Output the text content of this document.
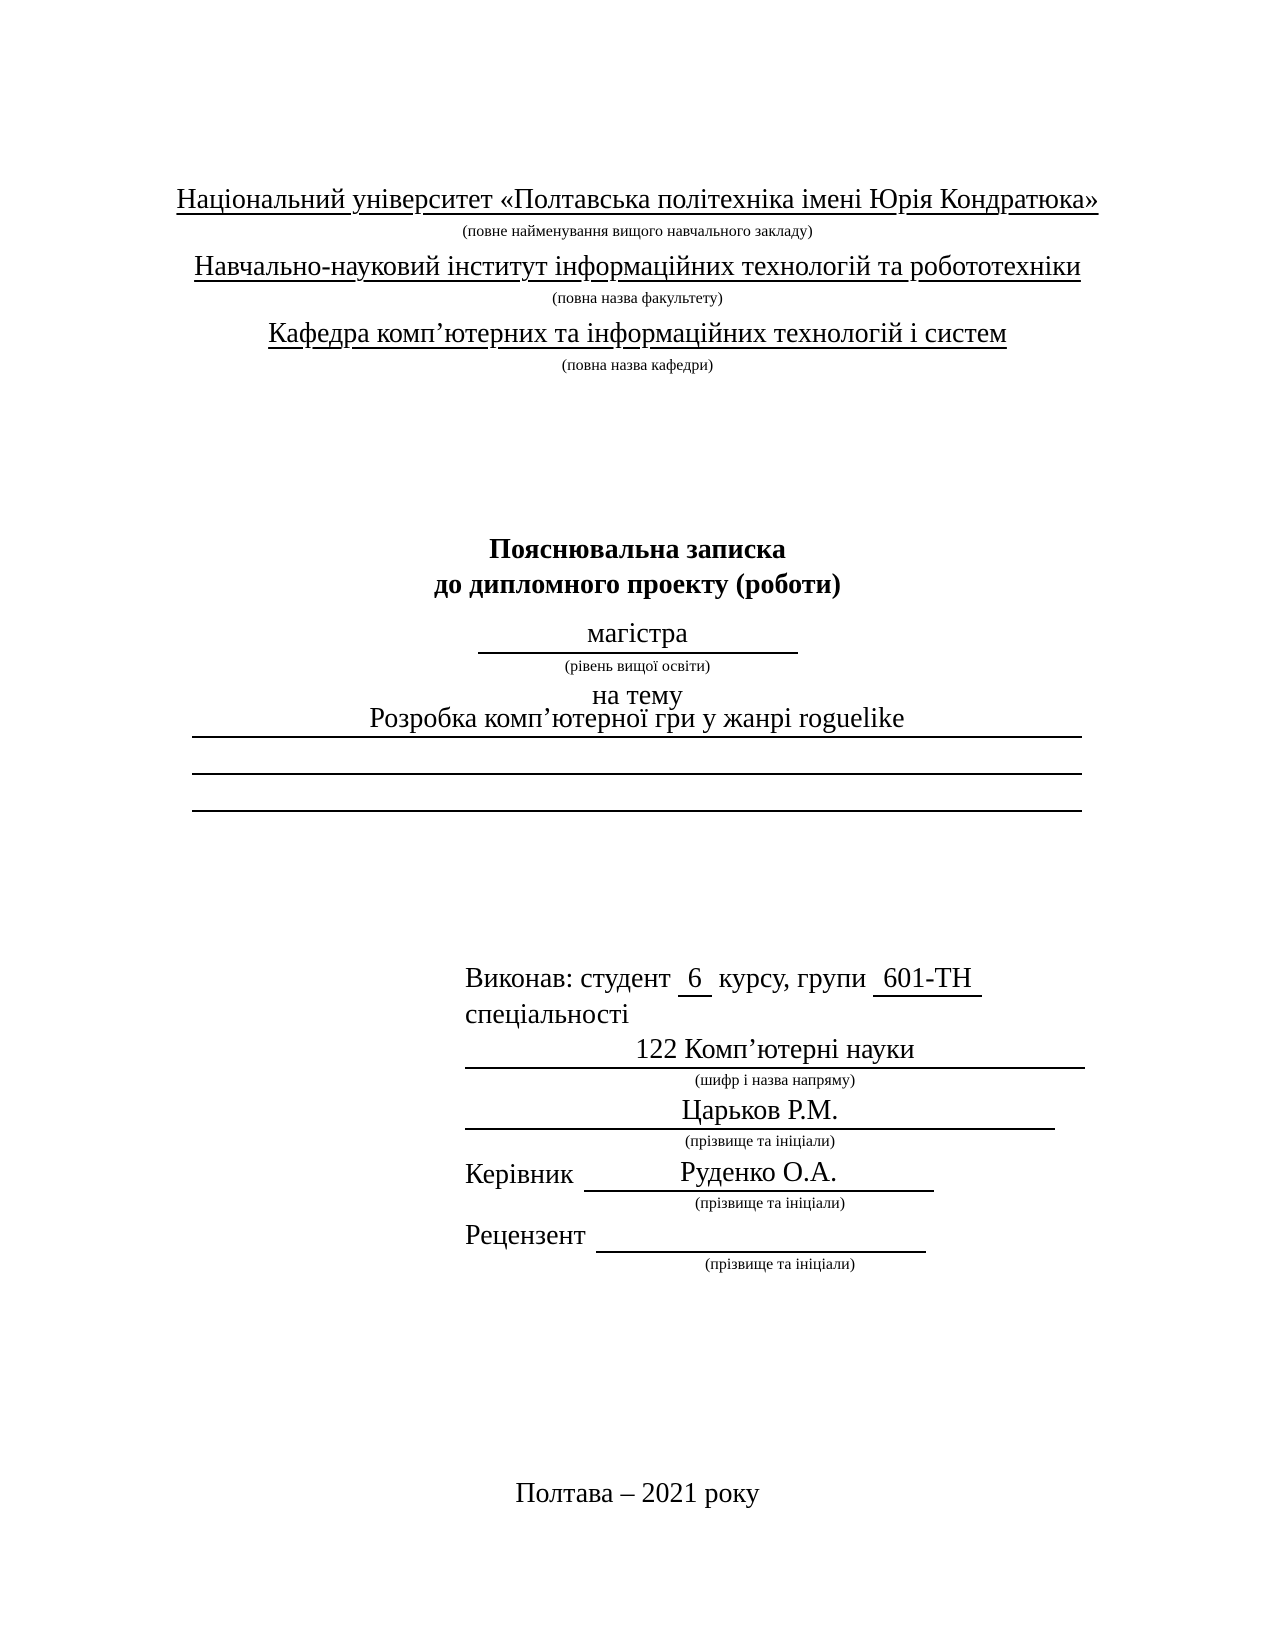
Національний університет «Полтавська політехніка імені Юрія Кондратюка»
(повне найменування вищого навчального закладу)
Навчально-науковий інститут інформаційних технологій та робототехніки
(повна назва факультету)
Кафедра комп’ютерних та інформаційних технологій і систем
(повна назва кафедри)
Пояснювальна записка
до дипломного проекту (роботи)
магістра
(рівень вищої освіти)
на тему
Розробка комп’ютерної гри у жанрі roguelike
Виконав: студент 6 курсу, групи 601-ТН
спеціальності
122 Комп’ютерні науки
(шифр і назва напряму)
Царьков Р.М.
(прізвище та ініціали)
Керівник	Руденко О.А.
(прізвище та ініціали)
Рецензент
(прізвище та ініціали)
Полтава – 2021 року
